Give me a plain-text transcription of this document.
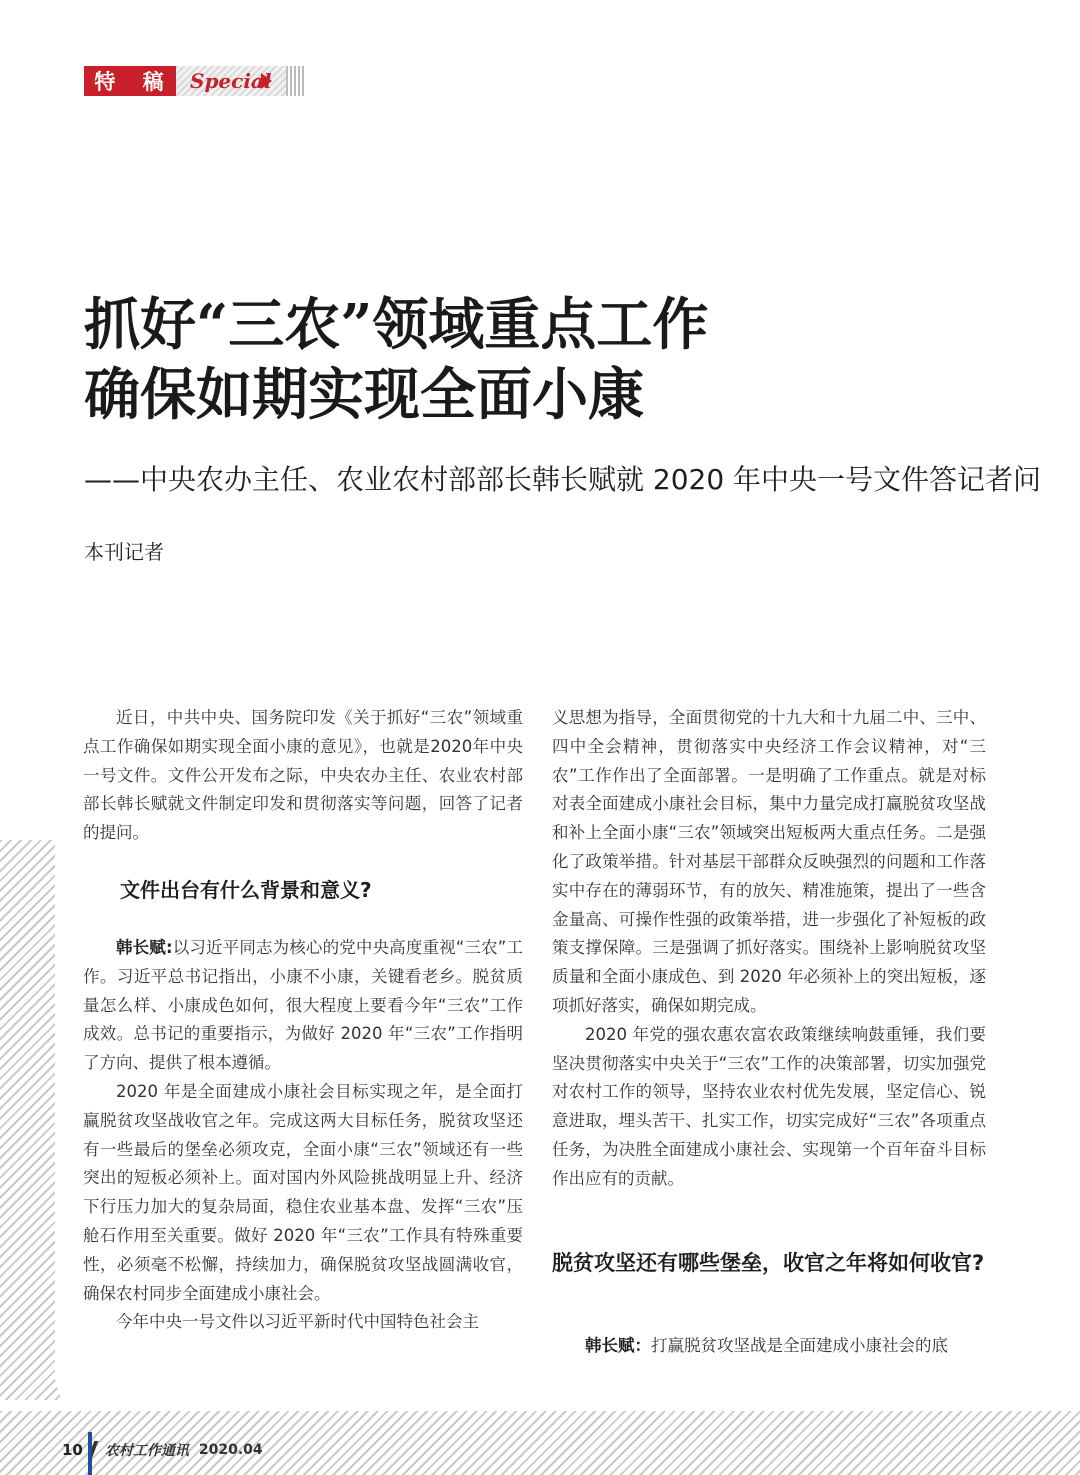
特 稿 Special
抓好“三农”领域重点工作
确保如期实现全面小康
——中央农办主任、农业农村部部长韩长赋就 2020 年中央一号文件答记者问
本刊记者

近日，中共中央、国务院印发《关于抓好“三农”领域重点工作确保如期实现全面小康的意见》，也就是2020年中央一号文件。文件公开发布之际，中央农办主任、农业农村部部长韩长赋就文件制定印发和贯彻落实等问题，回答了记者的提问。

韩长赋:以习近平同志为核心的党中央高度重视“三农”工作。习近平总书记指出，小康不小康，关键看老乡。脱贫质量怎么样、小康成色如何，很大程度上要看今年“三农”工作成效。总书记的重要指示，为做好 2020 年“三农”工作指明了方向、提供了根本遵循。

2020 年是全面建成小康社会目标实现之年，是全面打赢脱贫攻坚战收官之年。完成这两大目标任务，脱贫攻坚还有一些最后的堡垒必须攻克，全面小康“三农”领域还有一些突出的短板必须补上。面对国内外风险挑战明显上升、经济下行压力加大的复杂局面，稳住农业基本盘、发挥“三农”压舱石作用至关重要。做好 2020 年“三农”工作具有特殊重要性，必须毫不松懈，持续加力，确保脱贫攻坚战圆满收官，确保农村同步全面建成小康社会。

今年中央一号文件以习近平新时代中国特色社会主

文件出台有什么背景和意义?

义思想为指导，全面贯彻党的十九大和十九届二中、三中、四中全会精神，贯彻落实中央经济工作会议精神，对“三农”工作作出了全面部署。一是明确了工作重点。就是对标对表全面建成小康社会目标，集中力量完成打赢脱贫攻坚战和补上全面小康“三农”领域突出短板两大重点任务。二是强化了政策举措。针对基层干部群众反映强烈的问题和工作落实中存在的薄弱环节，有的放矢、精准施策，提出了一些含金量高、可操作性强的政策举措，进一步强化了补短板的政策支撑保障。三是强调了抓好落实。围绕补上影响脱贫攻坚质量和全面小康成色、到 2020 年必须补上的突出短板，逐项抓好落实，确保如期完成。

2020 年党的强农惠农富农政策继续响鼓重锤，我们要坚决贯彻落实中央关于“三农”工作的决策部署，切实加强党对农村工作的领导，坚持农业农村优先发展，坚定信心、锐意进取，埋头苦干、扎实工作，切实完成好“三农”各项重点任务，为决胜全面建成小康社会、实现第一个百年奋斗目标作出应有的贡献。

脱贫攻坚还有哪些堡垒，收官之年将如何收官?

韩长赋：打赢脱贫攻坚战是全面建成小康社会的底

10 农村工作通讯 2020.04
